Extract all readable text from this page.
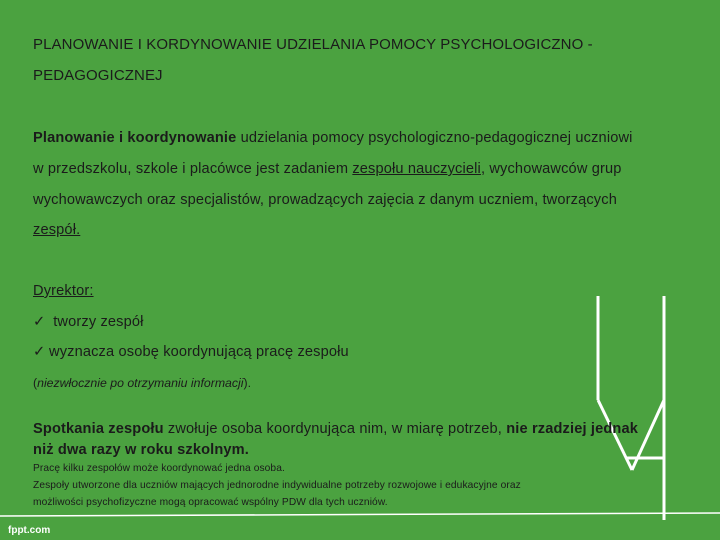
PLANOWANIE I KORDYNOWANIE UDZIELANIA POMOCY PSYCHOLOGICZNO -
PEDAGOGICZNEJ
Planowanie i koordynowanie udzielania pomocy psychologiczno-pedagogicznej uczniowi
w przedszkolu, szkole i placówce jest zadaniem zespołu nauczycieli, wychowawców grup
wychowawczych oraz specjalistów, prowadzących zajęcia z danym uczniem, tworzących
zespół.
Dyrektor:
✓ tworzy zespół
✓ wyznacza osobę koordynującą pracę zespołu
(niezwłocznie po otrzymaniu informacji).
Spotkania zespołu zwołuje osoba koordynująca nim, w miarę potrzeb, nie rzadziej jednak
niż dwa razy w roku szkolnym.
Pracę kilku zespołów może koordynować jedna osoba.
Zespoły utworzone dla uczniów mających jednorodne indywidualne potrzeby rozwojowe i edukacyjne oraz
możliwości psychofizyczne mogą opracować wspólny PDW dla tych uczniów.
fppt.com
